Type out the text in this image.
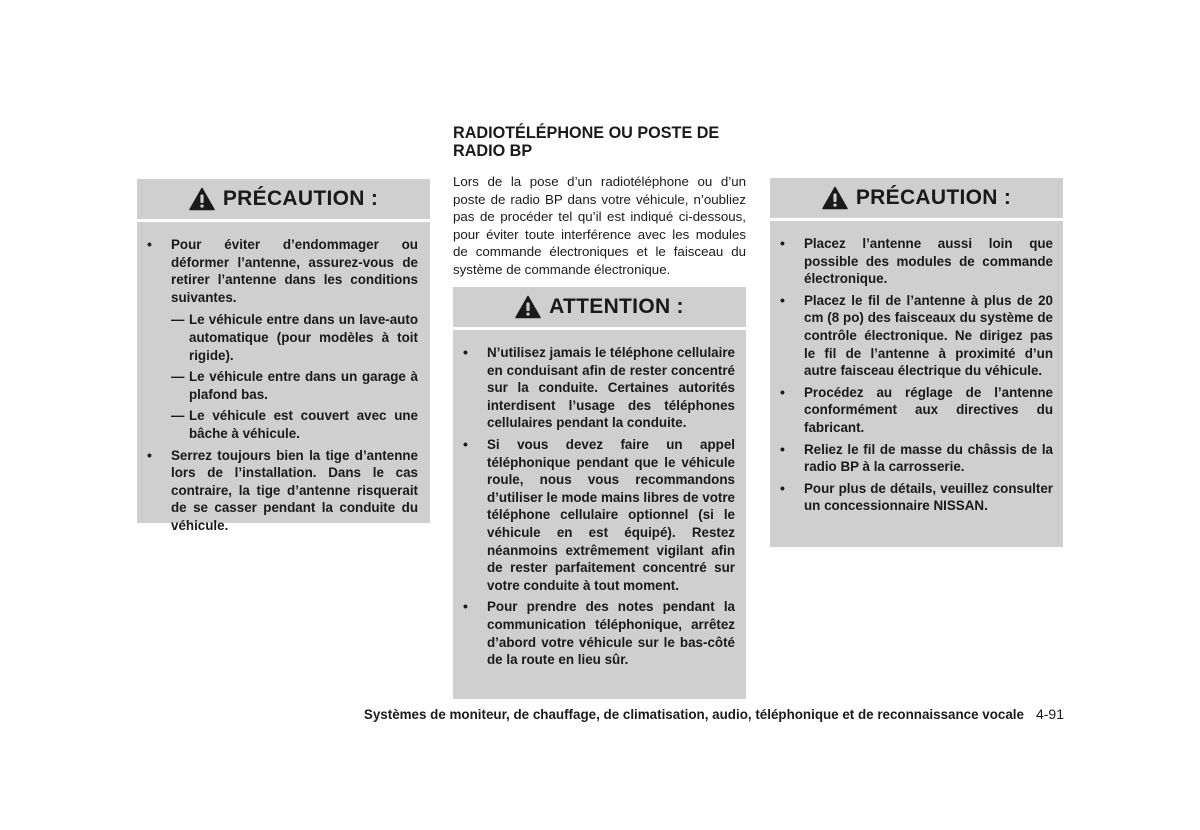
PRÉCAUTION :
• Pour éviter d’endommager ou déformer l’antenne, assurez-vous de retirer l’antenne dans les conditions suivantes.
— Le véhicule entre dans un lave-auto automatique (pour modèles à toit rigide).
— Le véhicule entre dans un garage à plafond bas.
— Le véhicule est couvert avec une bâche à véhicule.
• Serrez toujours bien la tige d’antenne lors de l’installation. Dans le cas contraire, la tige d’antenne risquerait de se casser pendant la conduite du véhicule.
RADIOTÉLÉPHONE OU POSTE DE
RADIO BP

Lors de la pose d’un radiotéléphone ou d’un poste de radio BP dans votre véhicule, n’oubliez pas de procéder tel qu’il est indiqué ci-dessous, pour éviter toute interférence avec les modules de commande électroniques et le faisceau du système de commande électronique.

ATTENTION :
• N’utilisez jamais le téléphone cellulaire en conduisant afin de rester concentré sur la conduite. Certaines autorités interdisent l’usage des téléphones cellulaires pendant la conduite.
• Si vous devez faire un appel téléphonique pendant que le véhicule roule, nous vous recommandons d’utiliser le mode mains libres de votre téléphone cellulaire optionnel (si le véhicule en est équipé). Restez néanmoins extrêmement vigilant afin de rester parfaitement concentré sur votre conduite à tout moment.
• Pour prendre des notes pendant la communication téléphonique, arrêtez d’abord votre véhicule sur le bas-côté de la route en lieu sûr.
PRÉCAUTION :
• Placez l’antenne aussi loin que possible des modules de commande électronique.
• Placez le fil de l’antenne à plus de 20 cm (8 po) des faisceaux du système de contrôle électronique. Ne dirigez pas le fil de l’antenne à proximité d’un autre faisceau électrique du véhicule.
• Procédez au réglage de l’antenne conformément aux directives du fabricant.
• Reliez le fil de masse du châssis de la radio BP à la carrosserie.
• Pour plus de détails, veuillez consulter un concessionnaire NISSAN.
Systèmes de moniteur, de chauffage, de climatisation, audio, téléphonique et de reconnaissance vocale 4-91
